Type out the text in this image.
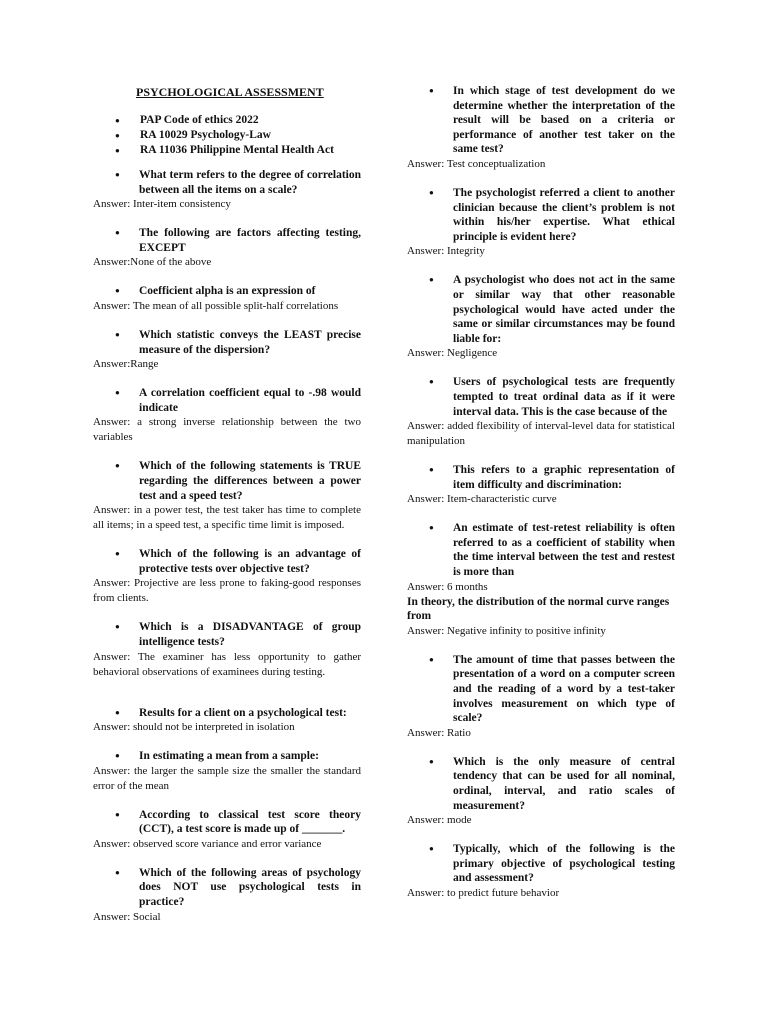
PSYCHOLOGICAL ASSESSMENT
● PAP Code of ethics 2022
● RA 10029 Psychology-Law
● RA 11036 Philippine Mental Health Act
● What term refers to the degree of correlation between all the items on a scale?
Answer: Inter-item consistency
● The following are factors affecting testing, EXCEPT
Answer:None of the above
● Coefficient alpha is an expression of
Answer: The mean of all possible split-half correlations
● Which statistic conveys the LEAST precise measure of the dispersion?
Answer:Range
● A correlation coefficient equal to -.98 would indicate
Answer: a strong inverse relationship between the two variables
● Which of the following statements is TRUE regarding the differences between a power test and a speed test?
Answer: in a power test, the test taker has time to complete all items; in a speed test, a specific time limit is imposed.
● Which of the following is an advantage of protective tests over objective test?
Answer: Projective are less prone to faking-good responses from clients.
● Which is a DISADVANTAGE of group intelligence tests?
Answer: The examiner has less opportunity to gather behavioral observations of examinees during testing.
● Results for a client on a psychological test:
Answer: should not be interpreted in isolation
● In estimating a mean from a sample:
Answer: the larger the sample size the smaller the standard error of the mean
● According to classical test score theory (CCT), a test score is made up of _______.
Answer: observed score variance and error variance
● Which of the following areas of psychology does NOT use psychological tests in practice?
Answer: Social
● In which stage of test development do we determine whether the interpretation of the result will be based on a criteria or performance of another test taker on the same test?
Answer: Test conceptualization
● The psychologist referred a client to another clinician because the client’s problem is not within his/her expertise. What ethical principle is evident here?
Answer: Integrity
● A psychologist who does not act in the same or similar way that other reasonable psychological would have acted under the same or similar circumstances may be found liable for:
Answer: Negligence
● Users of psychological tests are frequently tempted to treat ordinal data as if it were interval data. This is the case because of the
Answer: added flexibility of interval-level data for statistical manipulation
● This refers to a graphic representation of item difficulty and discrimination:
Answer: Item-characteristic curve
● An estimate of test-retest reliability is often referred to as a coefficient of stability when the time interval between the test and restest is more than
Answer: 6 months
In theory, the distribution of the normal curve ranges from
Answer: Negative infinity to positive infinity
● The amount of time that passes between the presentation of a word on a computer screen and the reading of a word by a test-taker involves measurement on which type of scale?
Answer: Ratio
● Which is the only measure of central tendency that can be used for all nominal, ordinal, interval, and ratio scales of measurement?
Answer: mode
● Typically, which of the following is the primary objective of psychological testing and assessment?
Answer: to predict future behavior
